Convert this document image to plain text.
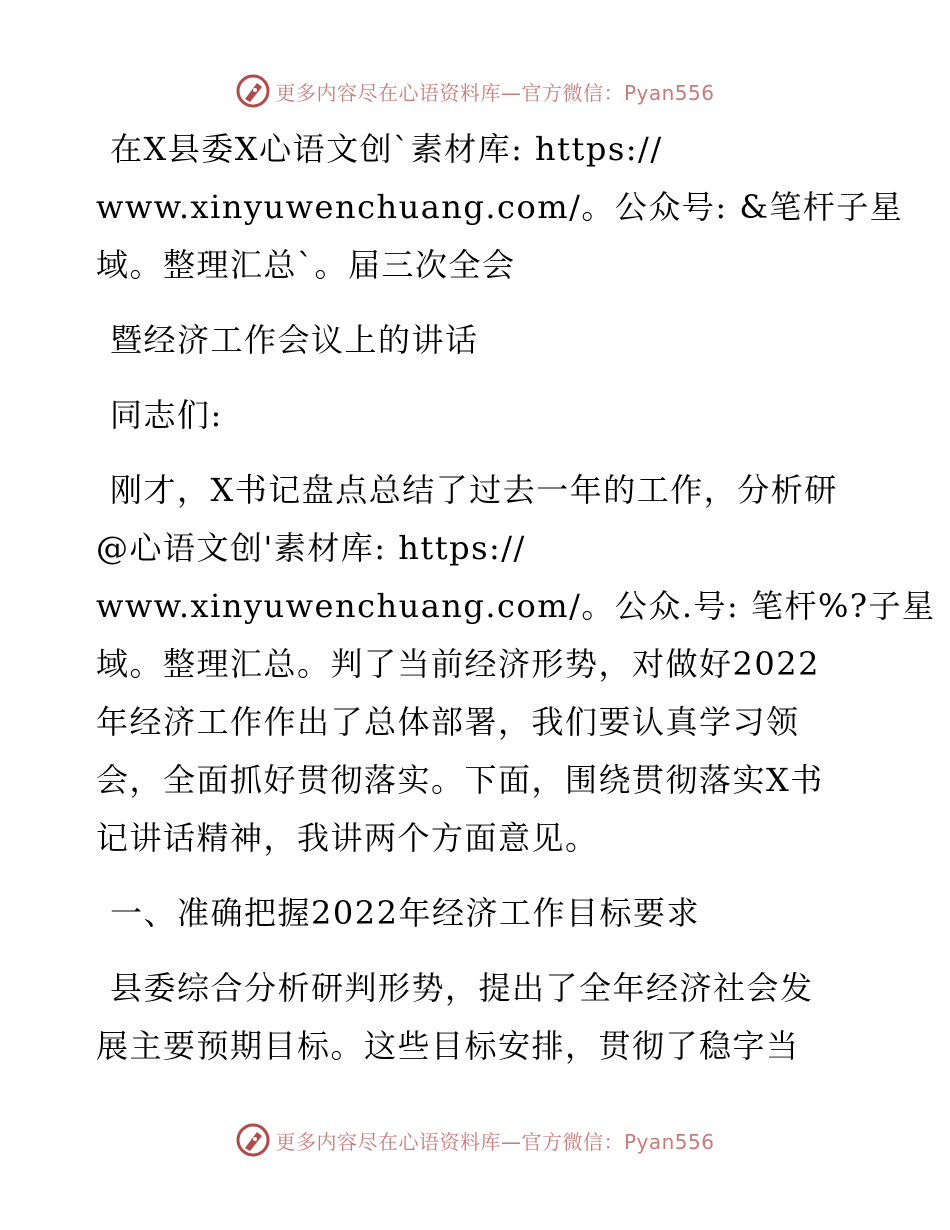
更多内容尽在心语资料库—官方微信：Pyan556
在X县委X心语文创ˋ素材库: https://
www.xinyuwenchuang.com/。公众号: &笔杆子星
域。整理汇总ˋ。届三次全会
暨经济工作会议上的讲话
同志们:
刚才，X书记盘点总结了过去一年的工作，分析研
@心语文创'素材库: https://
www.xinyuwenchuang.com/。公众.号: 笔杆%?子星
域。整理汇总。判了当前经济形势，对做好2022
年经济工作作出了总体部署，我们要认真学习领
会，全面抓好贯彻落实。下面，围绕贯彻落实X书
记讲话精神，我讲两个方面意见。
一、准确把握2022年经济工作目标要求
县委综合分析研判形势，提出了全年经济社会发
展主要预期目标。这些目标安排，贯彻了稳字当
更多内容尽在心语资料库—官方微信：Pyan556
